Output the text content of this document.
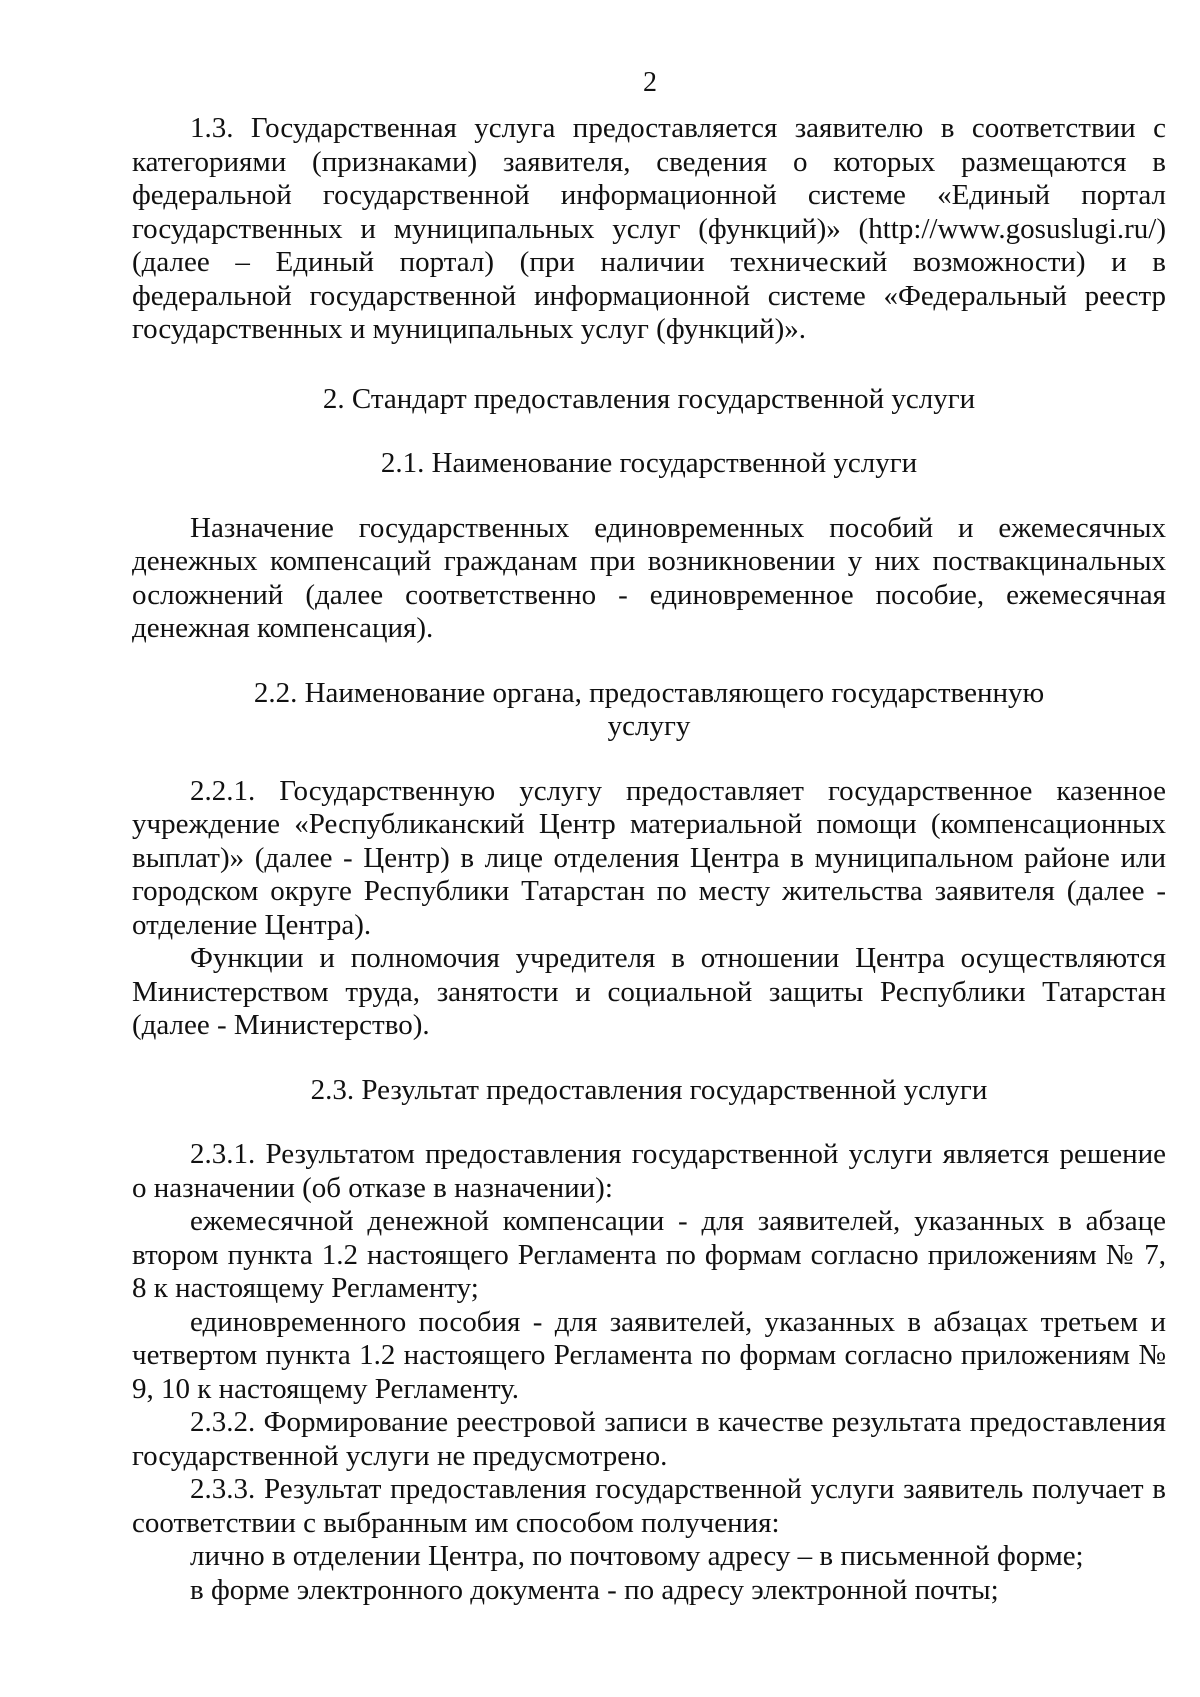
2

1.3. Государственная услуга предоставляется заявителю в соответствии с категориями (признаками) заявителя, сведения о которых размещаются в федеральной государственной информационной системе «Единый портал государственных и муниципальных услуг (функций)» (http://www.gosuslugi.ru/) (далее – Единый портал) (при наличии технический возможности) и в федеральной государственной информационной системе «Федеральный реестр государственных и муниципальных услуг (функций)».

2. Стандарт предоставления государственной услуги

2.1. Наименование государственной услуги

Назначение государственных единовременных пособий и ежемесячных денежных компенсаций гражданам при возникновении у них поствакцинальных осложнений (далее соответственно - единовременное пособие, ежемесячная денежная компенсация).

2.2. Наименование органа, предоставляющего государственную услугу

2.2.1. Государственную услугу предоставляет государственное казенное учреждение «Республиканский Центр материальной помощи (компенсационных выплат)» (далее - Центр) в лице отделения Центра в муниципальном районе или городском округе Республики Татарстан по месту жительства заявителя (далее - отделение Центра).

Функции и полномочия учредителя в отношении Центра осуществляются Министерством труда, занятости и социальной защиты Республики Татарстан (далее - Министерство).

2.3. Результат предоставления государственной услуги

2.3.1. Результатом предоставления государственной услуги является решение о назначении (об отказе в назначении):

ежемесячной денежной компенсации - для заявителей, указанных в абзаце втором пункта 1.2 настоящего Регламента по формам согласно приложениям № 7, 8 к настоящему Регламенту;

единовременного пособия - для заявителей, указанных в абзацах третьем и четвертом пункта 1.2 настоящего Регламента по формам согласно приложениям № 9, 10 к настоящему Регламенту.

2.3.2. Формирование реестровой записи в качестве результата предоставления государственной услуги не предусмотрено.

2.3.3. Результат предоставления государственной услуги заявитель получает в соответствии с выбранным им способом получения:

лично в отделении Центра, по почтовому адресу – в письменной форме;

в форме электронного документа - по адресу электронной почты;
